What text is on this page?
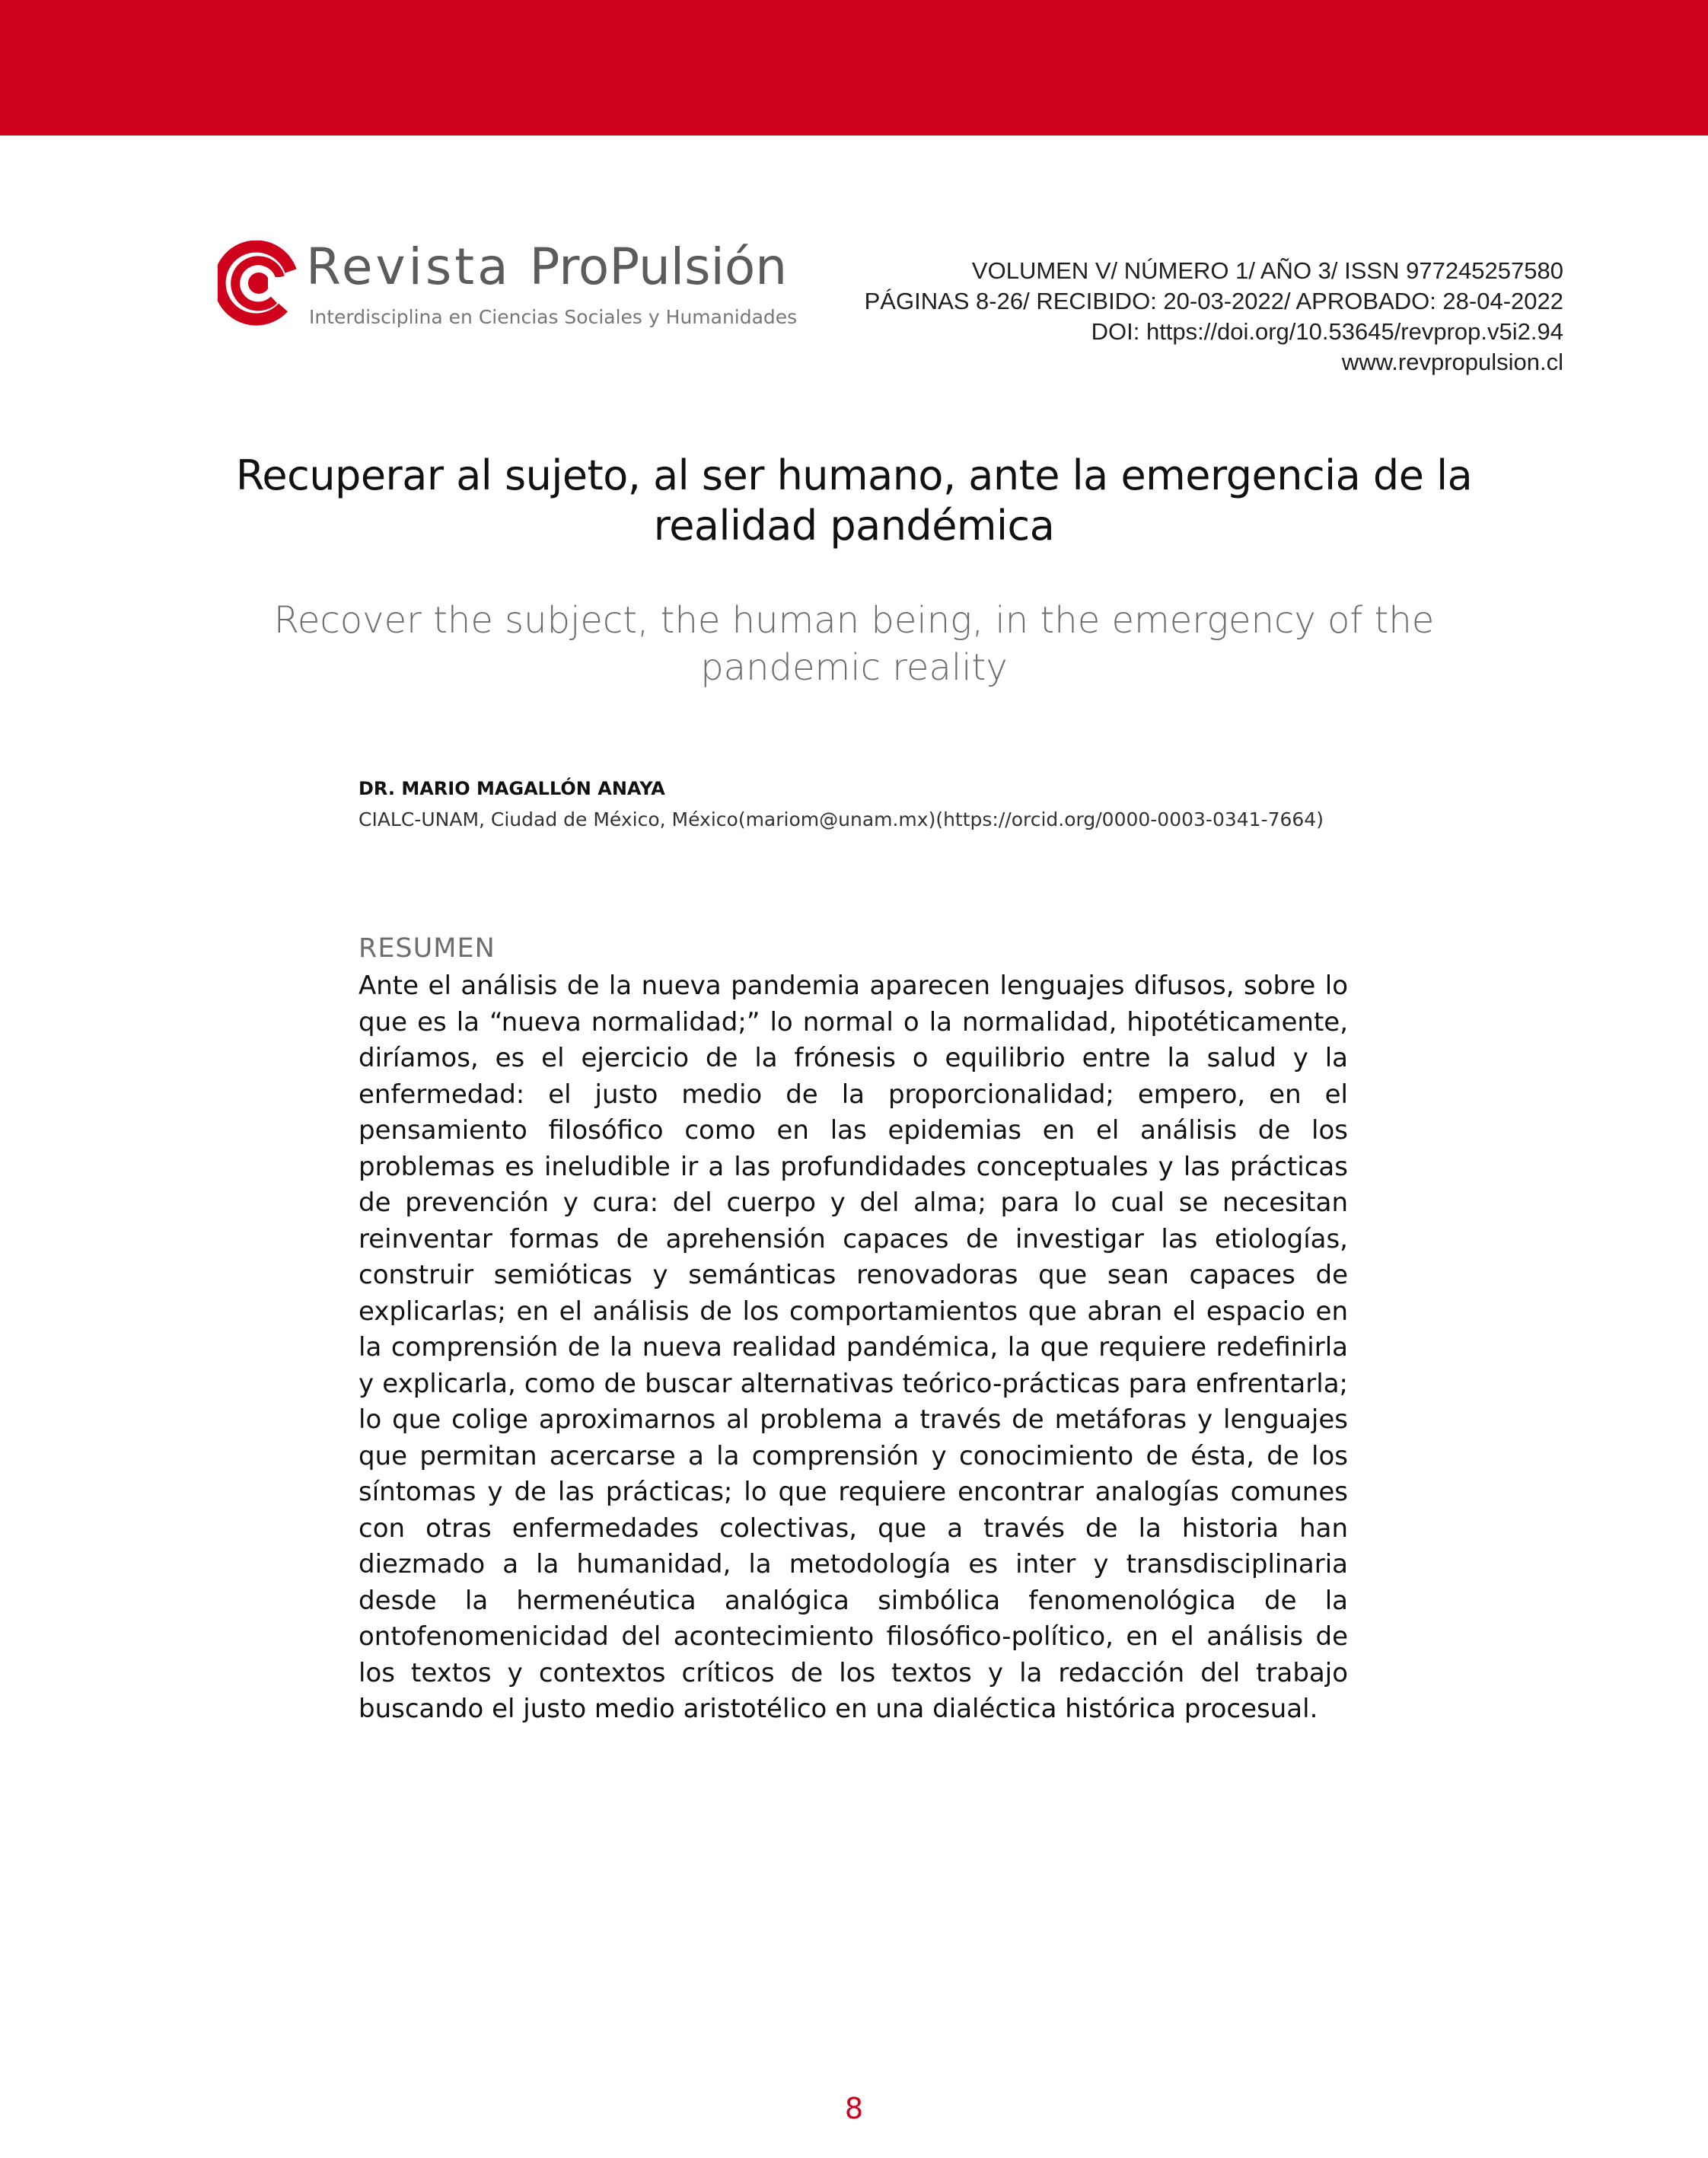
Revista ProPulsión
Interdisciplina en Ciencias Sociales y Humanidades
VOLUMEN V/ NÚMERO 1/ AÑO 3/ ISSN 977245257580
PÁGINAS 8-26/ RECIBIDO: 20-03-2022/ APROBADO: 28-04-2022
DOI: https://doi.org/10.53645/revprop.v5i2.94
www.revpropulsion.cl
Recuperar al sujeto, al ser humano, ante la emergencia de la realidad pandémica
Recover the subject, the human being, in the emergency of the pandemic reality
DR. MARIO MAGALLÓN ANAYA
CIALC-UNAM, Ciudad de México, México(mariom@unam.mx)(https://orcid.org/0000-0003-0341-7664)
RESUMEN

Ante el análisis de la nueva pandemia aparecen lenguajes difusos, sobre lo que es la “nueva normalidad;” lo normal o la normalidad, hipotéticamente, diríamos, es el ejercicio de la frónesis o equilibrio entre la salud y la enfermedad: el justo medio de la proporcionalidad; empero, en el pensamiento filosófico como en las epidemias en el análisis de los problemas es ineludible ir a las profundidades conceptuales y las prácticas de prevención y cura: del cuerpo y del alma; para lo cual se necesitan reinventar formas de aprehensión capaces de investigar las etiologías, construir semióticas y semánticas renovadoras que sean capaces de explicarlas; en el análisis de los comportamientos que abran el espacio en la comprensión de la nueva realidad pandémica, la que requiere redefinirla y explicarla, como de buscar alternativas teórico-prácticas para enfrentarla; lo que colige aproximarnos al problema a través de metáforas y lenguajes que permitan acercarse a la comprensión y conocimiento de ésta, de los síntomas y de las prácticas; lo que requiere encontrar analogías comunes con otras enfermedades colectivas, que a través de la historia han diezmado a la humanidad, la metodología es inter y transdisciplinaria desde la hermenéutica analógica simbólica fenomenológica de la ontofenomenicidad del acontecimiento filosófico-político, en el análisis de los textos y contextos críticos de los textos y la redacción del trabajo buscando el justo medio aristotélico en una dialéctica histórica procesual.

8
